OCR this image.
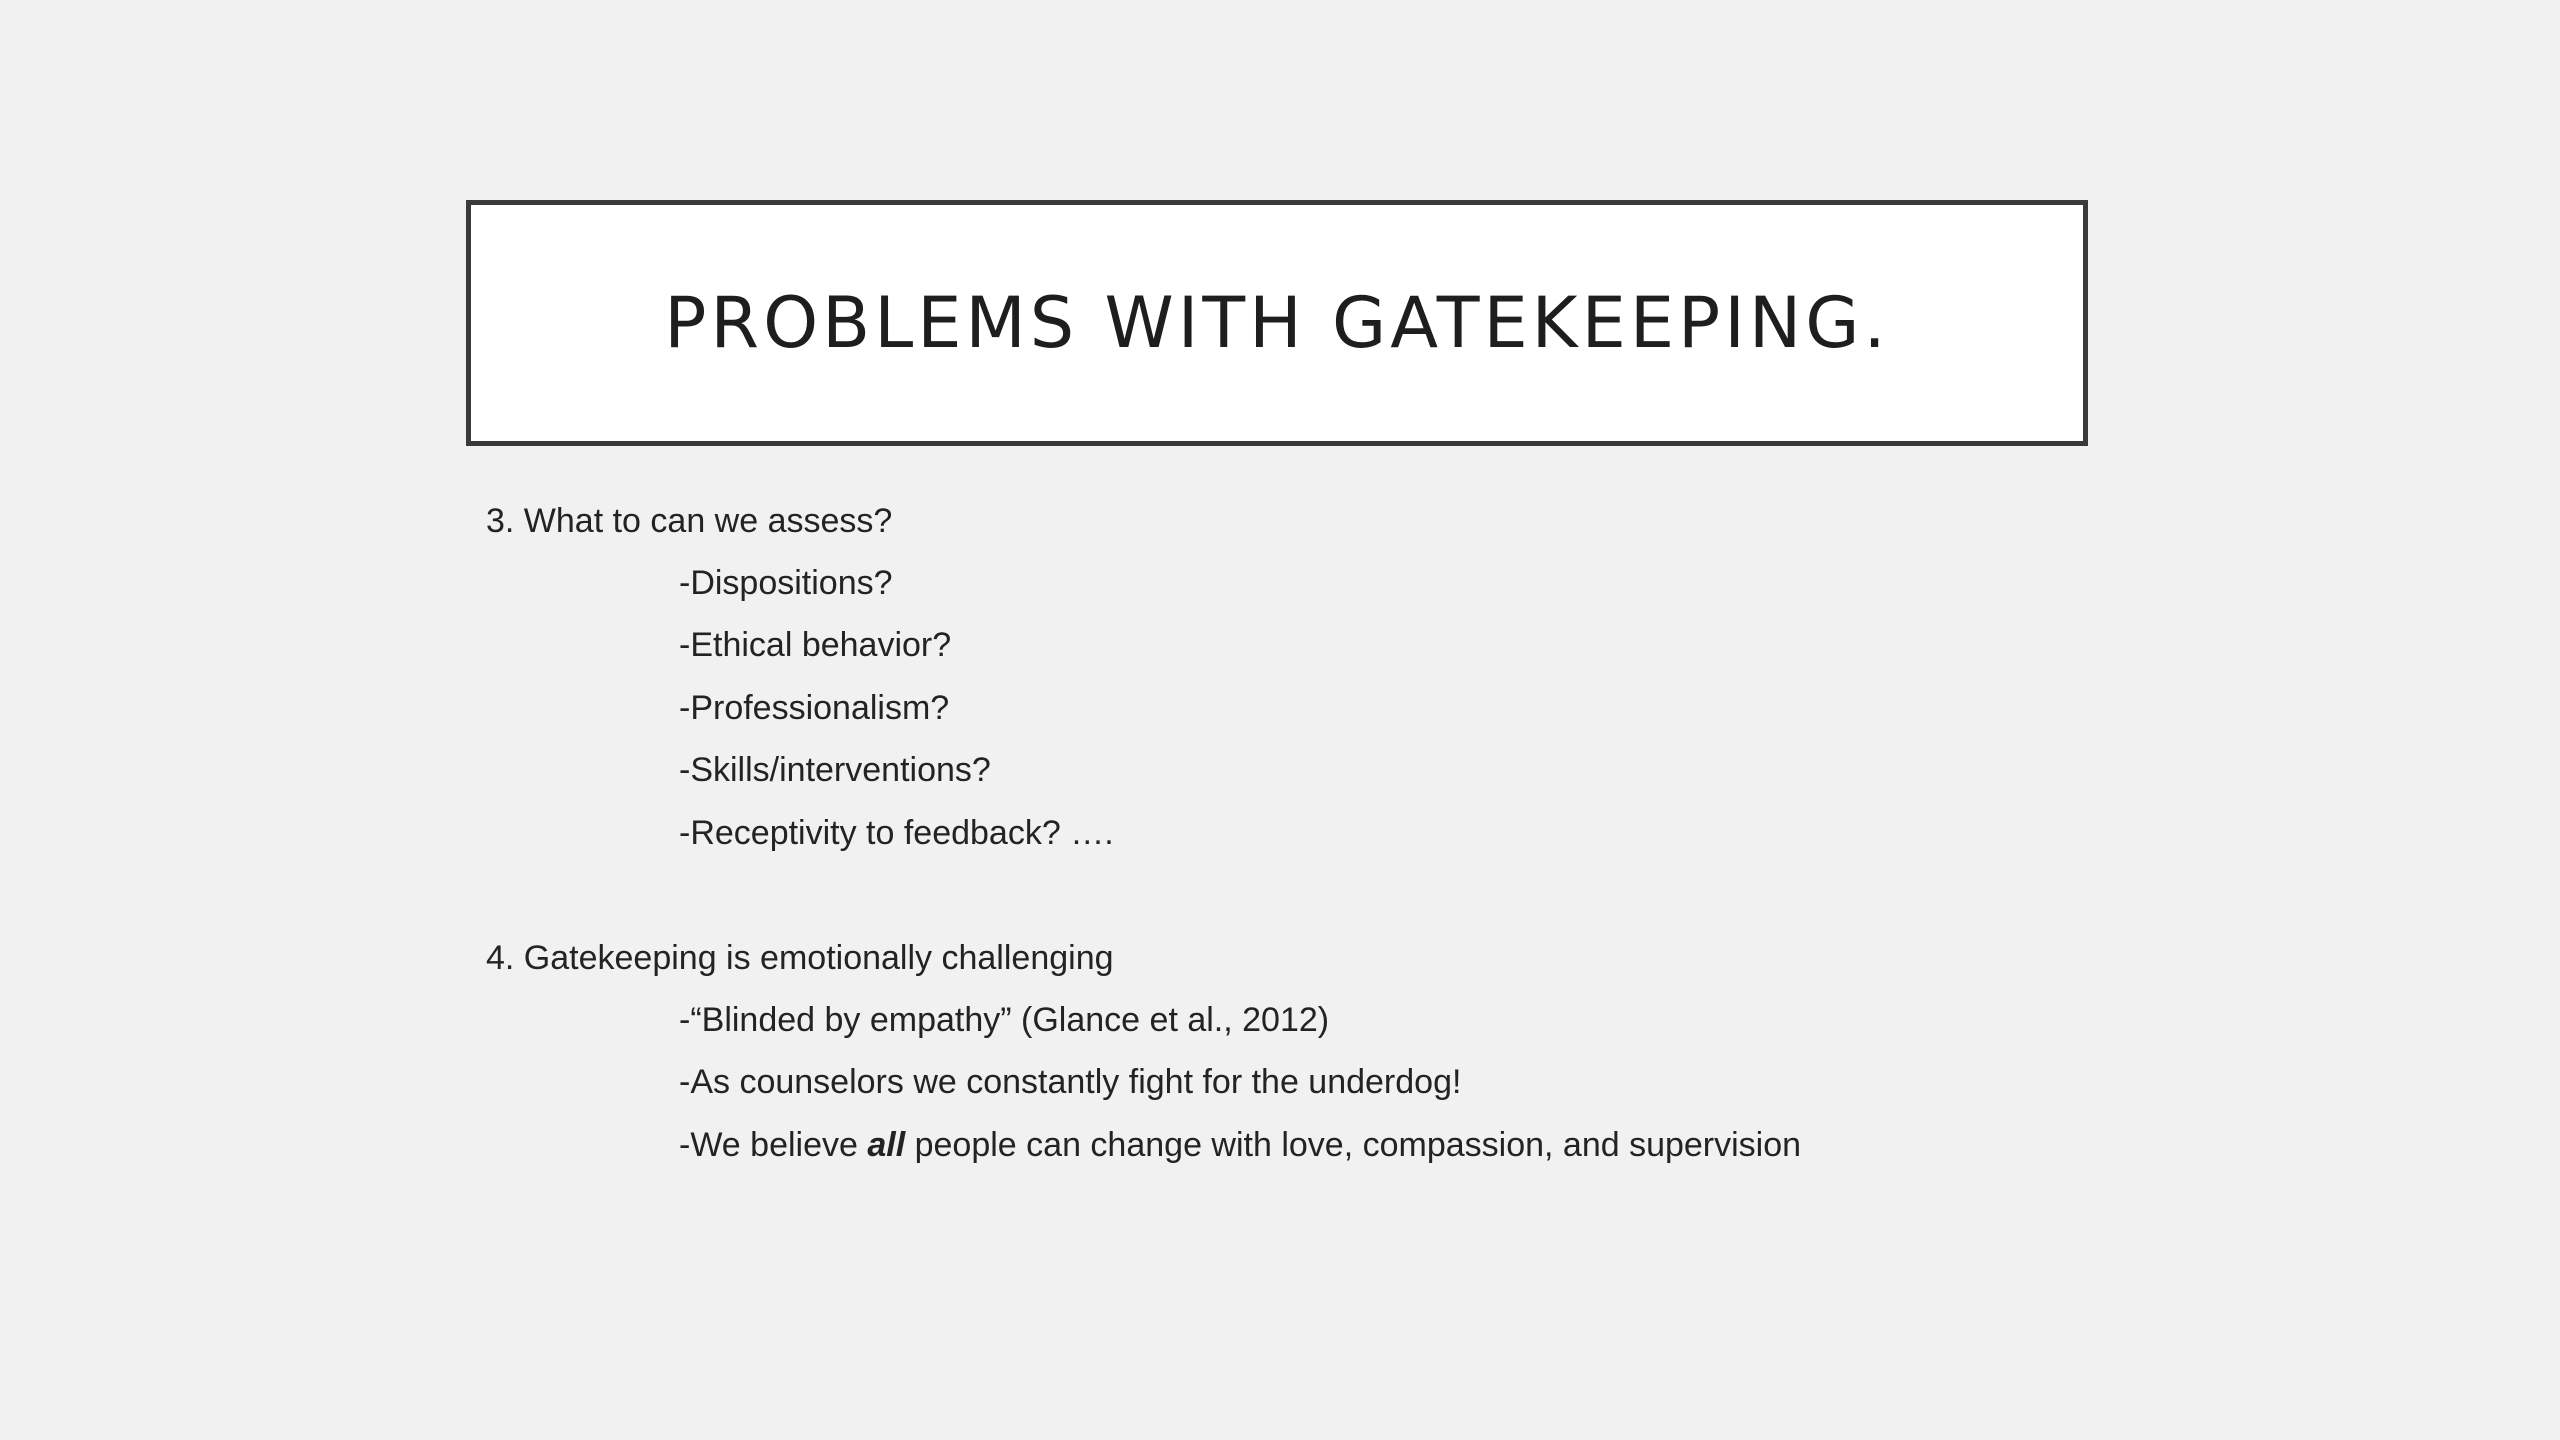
PROBLEMS WITH GATEKEEPING.
3. What to can we assess?
-Dispositions?
-Ethical behavior?
-Professionalism?
-Skills/interventions?
-Receptivity to feedback? ….
4. Gatekeeping is emotionally challenging
-“Blinded by empathy” (Glance et al., 2012)
-As counselors we constantly fight for the underdog!
-We believe all people can change with love, compassion, and supervision
